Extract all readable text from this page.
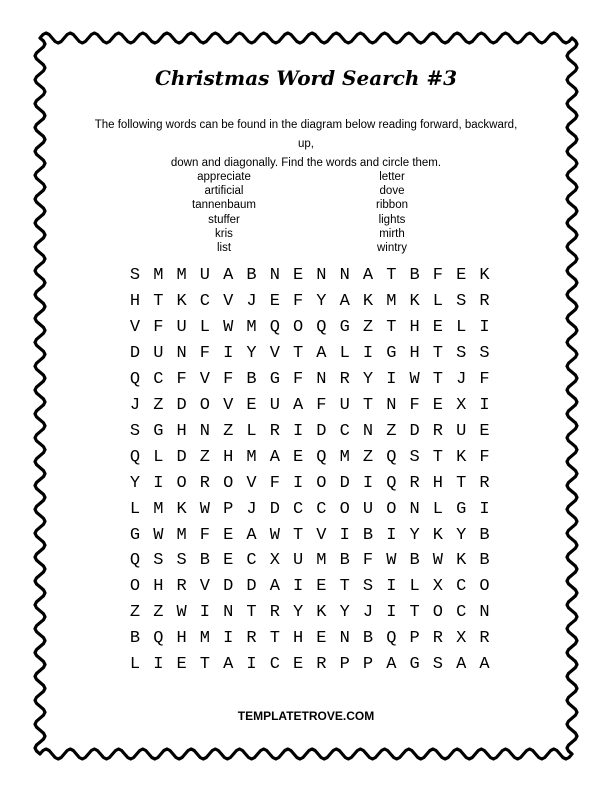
Christmas Word Search #3
The following words can be found in the diagram below reading forward, backward, up,
down and diagonally. Find the words and circle them.
appreciate
artificial
tannenbaum
stuffer
kris
list
letter
dove
ribbon
lights
mirth
wintry
S M M U A B N E N N A T B F E K
H T K C V J E F Y A K M K L S R
V F U L W M Q O Q G Z T H E L I
D U N F I Y V T A L I G H T S S
Q C F V F B G F N R Y I W T J F
J Z D O V E U A F U T N F E X I
S G H N Z L R I D C N Z D R U E
Q L D Z H M A E Q M Z Q S T K F
Y I O R O V F I O D I Q R H T R
L M K W P J D C C O U O N L G I
G W M F E A W T V I B I Y K Y B
Q S S B E C X U M B F W B W K B
O H R V D D A I E T S I L X C O
Z Z W I N T R Y K Y J I T O C N
B Q H M I R T H E N B Q P R X R
L I E T A I C E R P P A G S A A
TEMPLATETROVE.COM
